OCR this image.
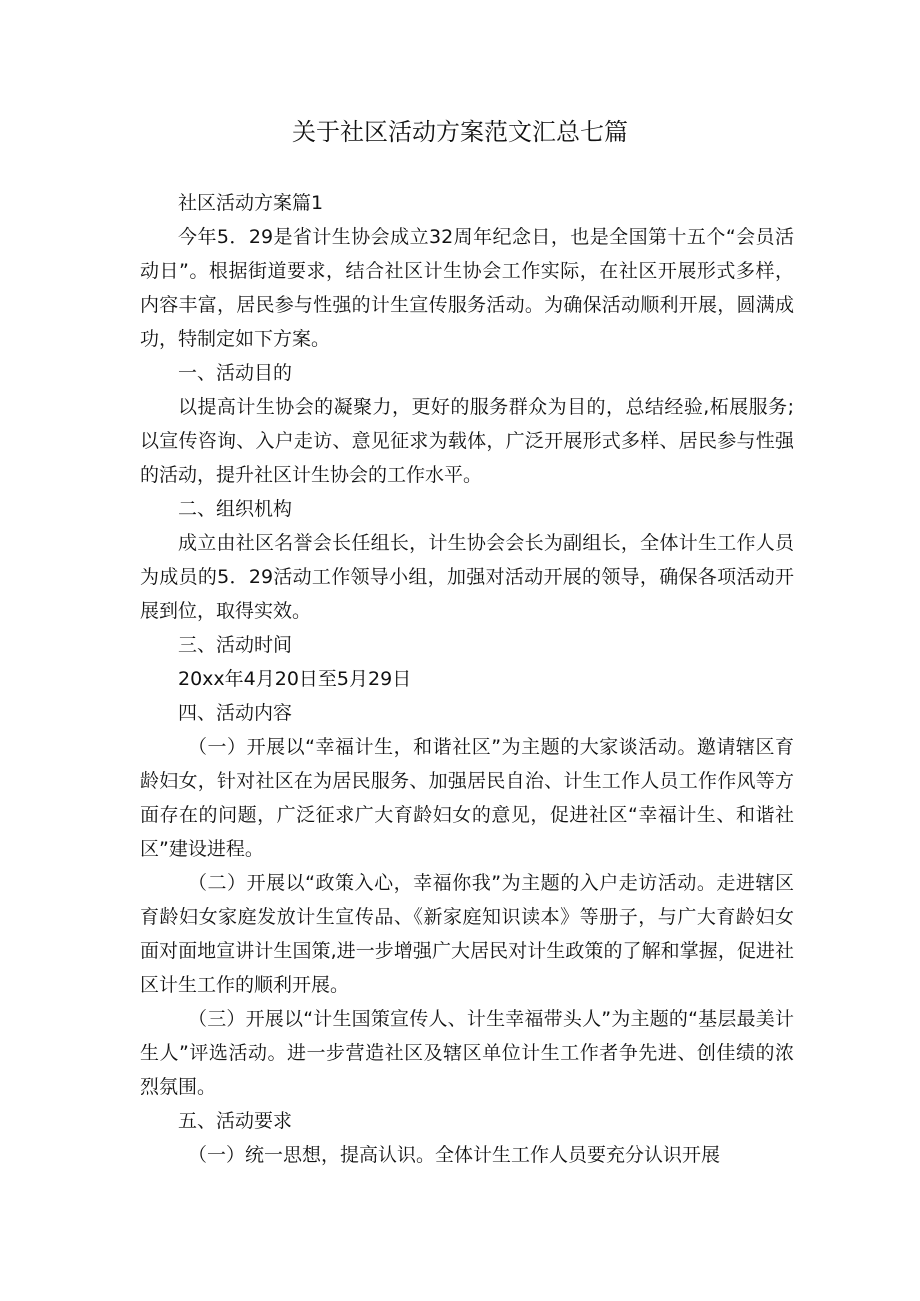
关于社区活动方案范文汇总七篇

社区活动方案篇1

今年5．29是省计生协会成立32周年纪念日，也是全国第十五个“会员活动日”。根据街道要求，结合社区计生协会工作实际，在社区开展形式多样，内容丰富，居民参与性强的计生宣传服务活动。为确保活动顺利开展，圆满成功，特制定如下方案。

一、活动目的

以提高计生协会的凝聚力，更好的服务群众为目的，总结经验,柘展服务;以宣传咨询、入户走访、意见征求为载体，广泛开展形式多样、居民参与性强的活动，提升社区计生协会的工作水平。

二、组织机构

成立由社区名誉会长任组长，计生协会会长为副组长，全体计生工作人员为成员的5．29活动工作领导小组，加强对活动开展的领导，确保各项活动开展到位，取得实效。

三、活动时间

20xx年4月20日至5月29日

四、活动内容

（一）开展以“幸福计生，和谐社区”为主题的大家谈活动。邀请辖区育龄妇女，针对社区在为居民服务、加强居民自治、计生工作人员工作作风等方面存在的问题，广泛征求广大育龄妇女的意见，促进社区“幸福计生、和谐社区”建设进程。

（二）开展以“政策入心，幸福你我”为主题的入户走访活动。走进辖区育龄妇女家庭发放计生宣传品、《新家庭知识读本》等册子，与广大育龄妇女面对面地宣讲计生国策,进一步增强广大居民对计生政策的了解和掌握，促进社区计生工作的顺利开展。

（三）开展以“计生国策宣传人、计生幸福带头人”为主题的“基层最美计生人”评选活动。进一步营造社区及辖区单位计生工作者争先进、创佳绩的浓烈氛围。

五、活动要求

（一）统一思想，提高认识。全体计生工作人员要充分认识开展
